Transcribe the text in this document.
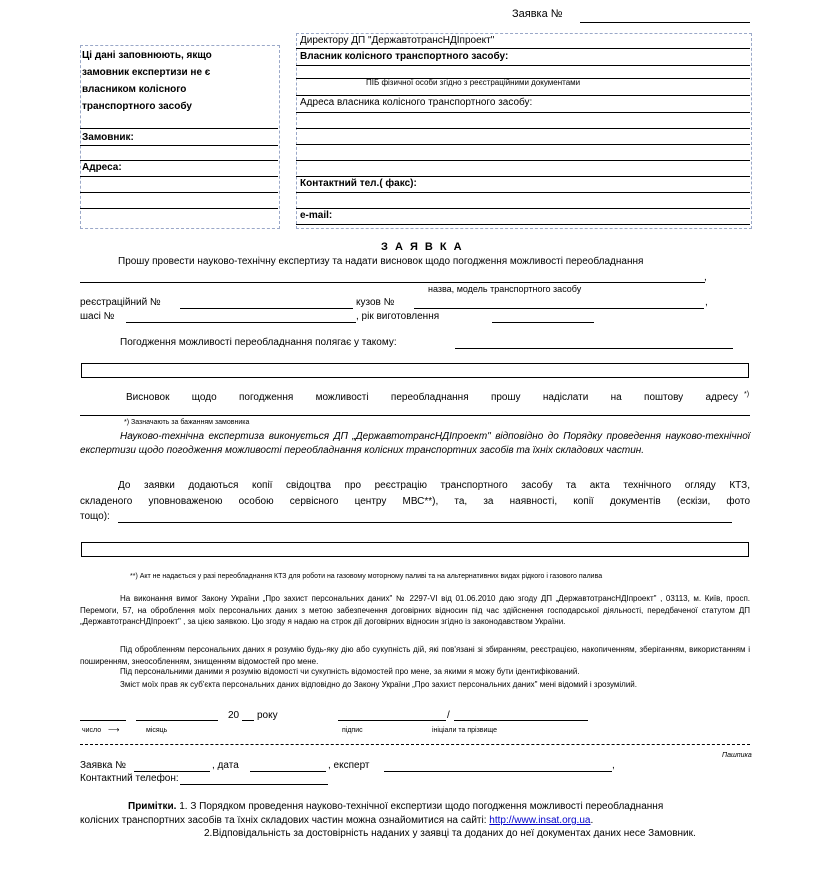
Заявка №
Ці дані заповнюють, якщо
замовник експертизи не є
власником колісного
транспортного засобу
Директору ДП "ДержавтотрансНДІпроект"
Власник колісного транспортного засобу:
ПІБ фізичної особи згідно з реєстраційними документами
Адреса власника колісного транспортного засобу:
Замовник:
Адреса:
Контактний тел.( факс):
e-mail:
З А Я В К А
Прошу провести науково-технічну експертизу та надати висновок щодо погодження можливості переобладнання
,
назва, модель транспортного засобу
реєстраційний №	кузов №	,
шасі №	, рік виготовлення
Погодження можливості переобладнання полягає у такому:
Висновок щодо погодження можливості переобладнання прошу надіслати на поштову адресу *)
*) Зазначають за бажанням замовника
Науково-технічна експертиза виконується ДП „ДержавтотрансНДІпроект" відповідно до Порядку проведення науково-технічної експертизи щодо погодження можливості переобладнання колісних транспортних засобів та їхніх складових частин.
До заявки додаються копії свідоцтва про реєстрацію транспортного засобу та акта технічного огляду КТЗ,
складеного уповноваженою особою сервісного центру МВС**), та, за наявності, копії документів (ескізи, фото
тощо):
**) Акт не надається у разі переобладнання КТЗ для роботи на газовому моторному паливі та на альтернативних видах рідкого і газового палива
На виконання вимог Закону України „Про захист персональних даних" № 2297-VI від 01.06.2010 даю згоду ДП „ДержавтотрансНДІпроект" , 03113, м. Київ, просп. Перемоги, 57, на оброблення моїх персональних даних з метою забезпечення договірних відносин під час здійснення господарської діяльності, передбаченої статутом ДП „ДержавтотрансНДІпроект" , за цією заявкою. Цю згоду я надаю на строк дії договірних відносин згідно із законодавством України.
Під обробленням персональних даних я розумію будь-яку дію або сукупність дій, які пов'язані зі збиранням, реєстрацією, накопиченням, зберіганням, використанням і поширенням, знеособленням, знищенням відомостей про мене.
Під персональними даними я розумію відомості чи сукупність відомостей про мене, за якими я можу бути ідентифікований.
Зміст моїх прав як суб'єкта персональних даних відповідно до Закону України „Про захист персональних даних" мені відомий і зрозумілий.
20 року	/
число ⟶	місяць	підпис	ініціали та прізвище
Пашпика
Заявка №	, дата	, експерт	,
Контактний телефон:
Примітки. 1. З Порядком проведення науково-технічної експертизи щодо погодження можливості переобладнання
колісних транспортних засобів та їхніх складових частин можна ознайомитися на сайті: http://www.insat.org.ua.
2.Відповідальність за достовірність наданих у заявці та доданих до неї документах даних несе Замовник.
